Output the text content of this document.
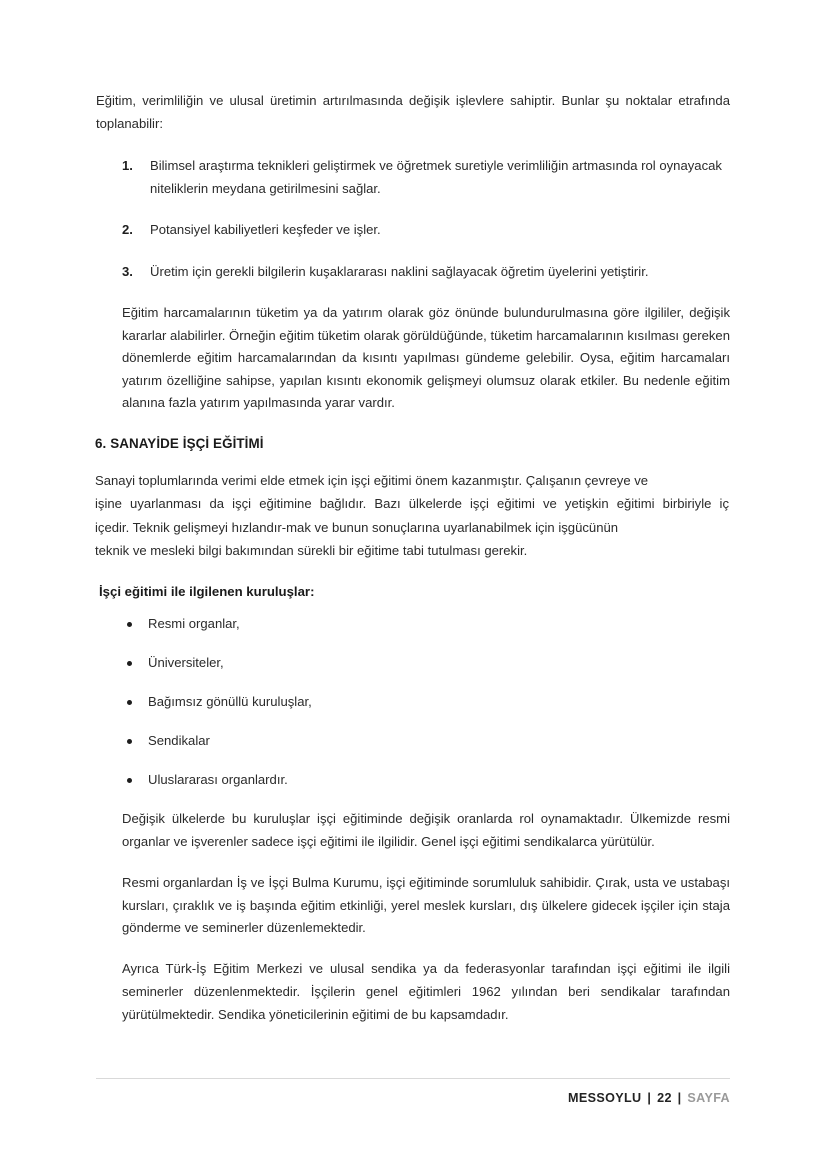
Eğitim, verimliliğin ve ulusal üretimin artırılmasında değişik işlevlere sahiptir. Bunlar şu noktalar etrafında toplanabilir:

1. Bilimsel araştırma teknikleri geliştirmek ve öğretmek suretiyle verimliliğin artmasında rol oynayacak niteliklerin meydana getirilmesini sağlar.
2. Potansiyel kabiliyetleri keşfeder ve işler.
3. Üretim için gerekli bilgilerin kuşaklararası naklini sağlayacak öğretim üyelerini yetiştirir.

Eğitim harcamalarının tüketim ya da yatırım olarak göz önünde bulundurulmasına göre ilgililer, değişik kararlar alabilirler. Örneğin eğitim tüketim olarak görüldüğünde, tüketim harcamalarının kısılması gereken dönemlerde eğitim harcamalarından da kısıntı yapılması gündeme gelebilir. Oysa, eğitim harcamaları yatırım özelliğine sahipse, yapılan kısıntı ekonomik gelişmeyi olumsuz olarak etkiler. Bu nedenle eğitim alanına fazla yatırım yapılmasında yarar vardır.

6. SANAYİDE İŞÇİ EĞİTİMİ
Sanayi toplumlarında verimi elde etmek için işçi eğitimi önem kazanmıştır. Çalışanın çevreye ve
işine uyarlanması da işçi eğitimine bağlıdır. Bazı ülkelerde işçi eğitimi ve yetişkin eğitimi birbiriyle iç
içedir. Teknik gelişmeyi hızlandır-mak ve bunun sonuçlarına uyarlanabilmek için işgücünün
teknik ve mesleki bilgi bakımından sürekli bir eğitime tabi tutulması gerekir.
İşçi eğitimi ile ilgilenen kuruluşlar:
Resmi organlar,
Üniversiteler,
Bağımsız gönüllü kuruluşlar,
Sendikalar
Uluslararası organlardır.

Değişik ülkelerde bu kuruluşlar işçi eğitiminde değişik oranlarda rol oynamaktadır. Ülkemizde resmi organlar ve işverenler sadece işçi eğitimi ile ilgilidir. Genel işçi eğitimi sendikalarca yürütülür.

Resmi organlardan İş ve İşçi Bulma Kurumu, işçi eğitiminde sorumluluk sahibidir. Çırak, usta ve ustabaşı kursları, çıraklık ve iş başında eğitim etkinliği, yerel meslek kursları, dış ülkelere gidecek işçiler için staja gönderme ve seminerler düzenlemektedir.

Ayrıca Türk-İş Eğitim Merkezi ve ulusal sendika ya da federasyonlar tarafından işçi eğitimi ile ilgili seminerler düzenlenmektedir. İşçilerin genel eğitimleri 1962 yılından beri sendikalar tarafından yürütülmektedir. Sendika yöneticilerinin eğitimi de bu kapsamdadır.

MESSOYLU | 22 | SAYFA
